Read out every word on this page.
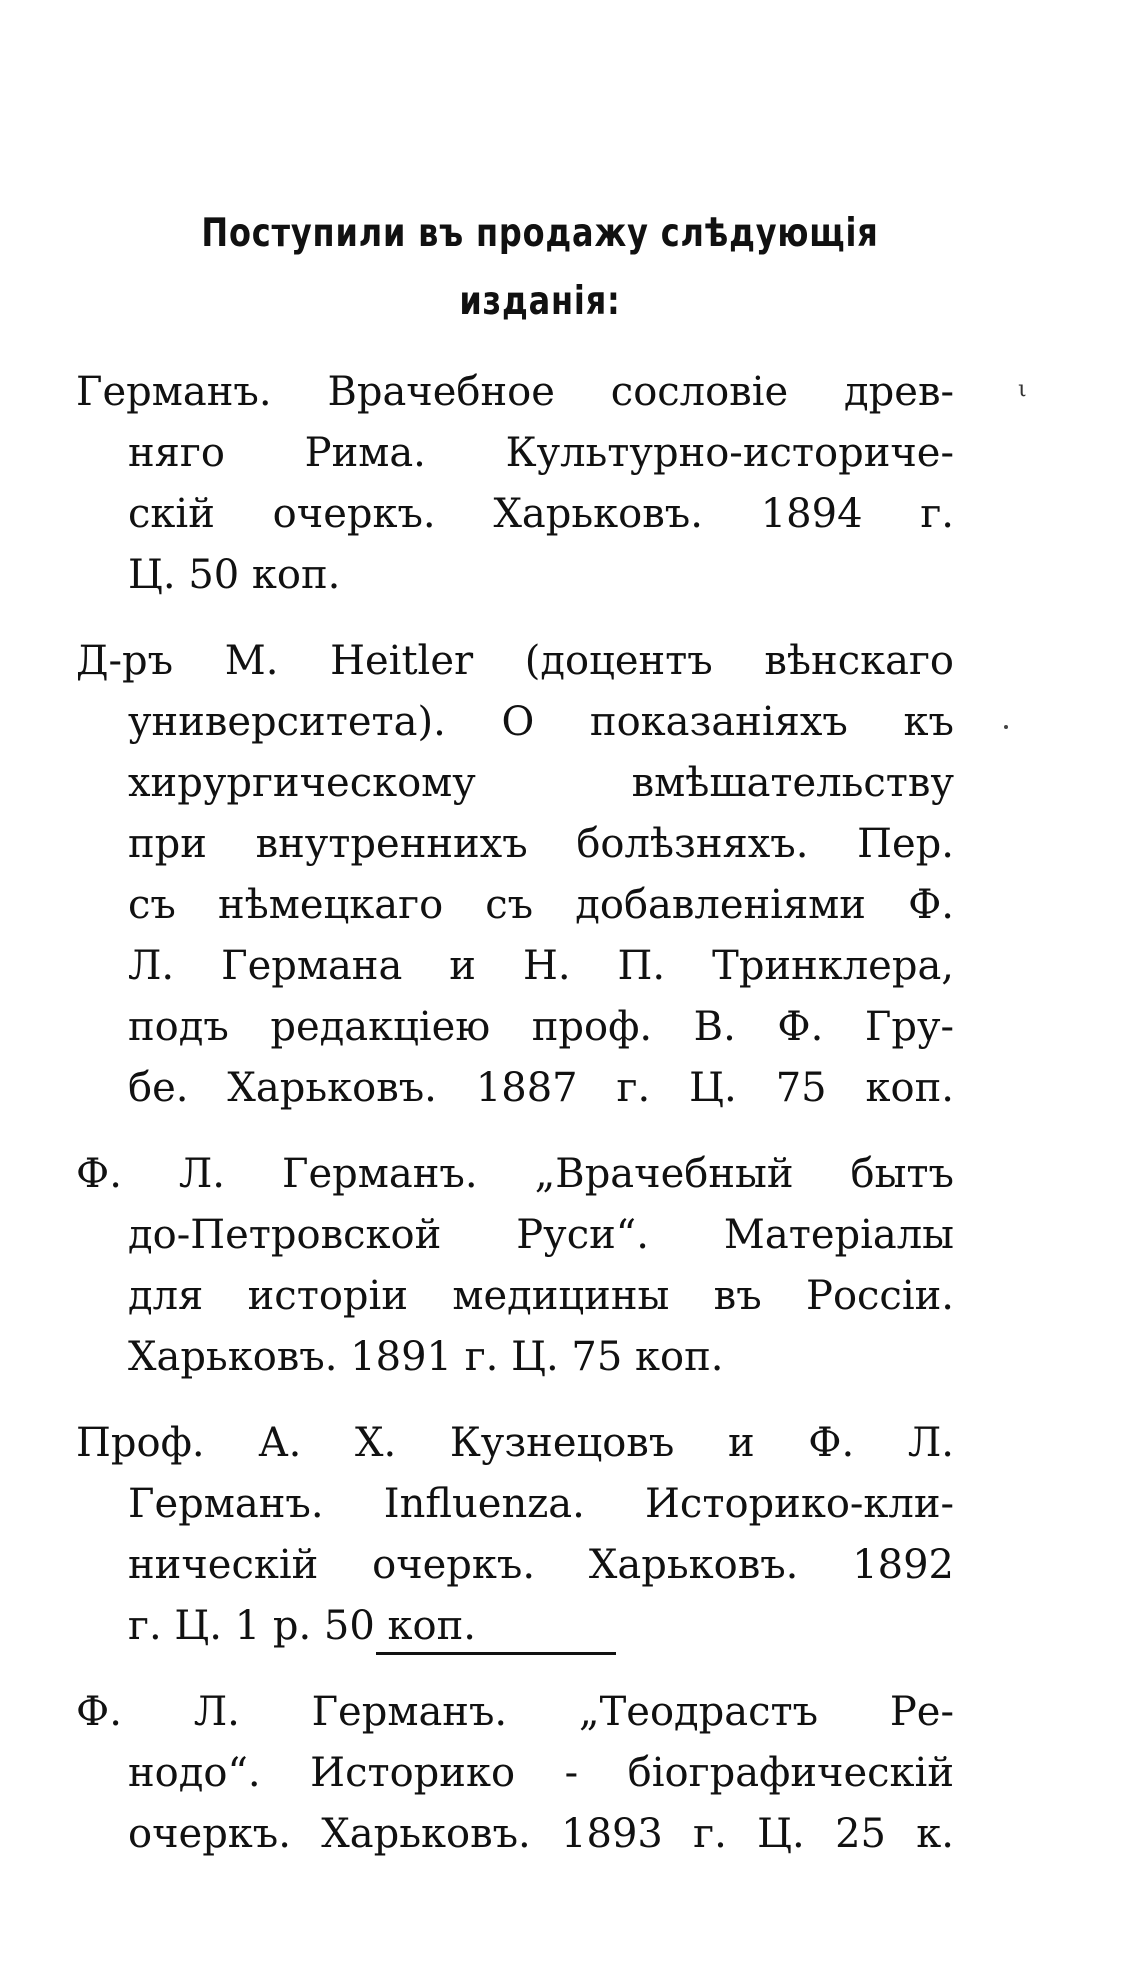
Поступили въ продажу слѣдующія
изданія:
ι
Германъ. Врачебное сословіе древ-
няго Рима. Культурно-историче-
скій очеркъ. Харьковъ. 1894 г.
Ц. 50 коп.
Д-ръ М. Heitler (доцентъ вѣнскаго
университета). О показаніяхъ къ
хирургическому вмѣшательству
при внутреннихъ болѣзняхъ. Пер.
съ нѣмецкаго съ добавленіями Ф.
Л. Германа и Н. П. Тринклера,
подъ редакціею проф. В. Ф. Гру-
бе. Харьковъ. 1887 г. Ц. 75 коп.
Ф. Л. Германъ. „Врачебный бытъ
до-Петровской Руси“. Матеріалы
для исторіи медицины въ Россіи.
Харьковъ. 1891 г. Ц. 75 коп.
Проф. А. Х. Кузнецовъ и Ф. Л.
Германъ. Influenza. Историко-кли-
ническій очеркъ. Харьковъ. 1892
г. Ц. 1 р. 50 коп.
Ф. Л. Германъ. „Теодрастъ Ре-
нодо“. Историко - біографическій
очеркъ. Харьковъ. 1893 г. Ц. 25 к.
